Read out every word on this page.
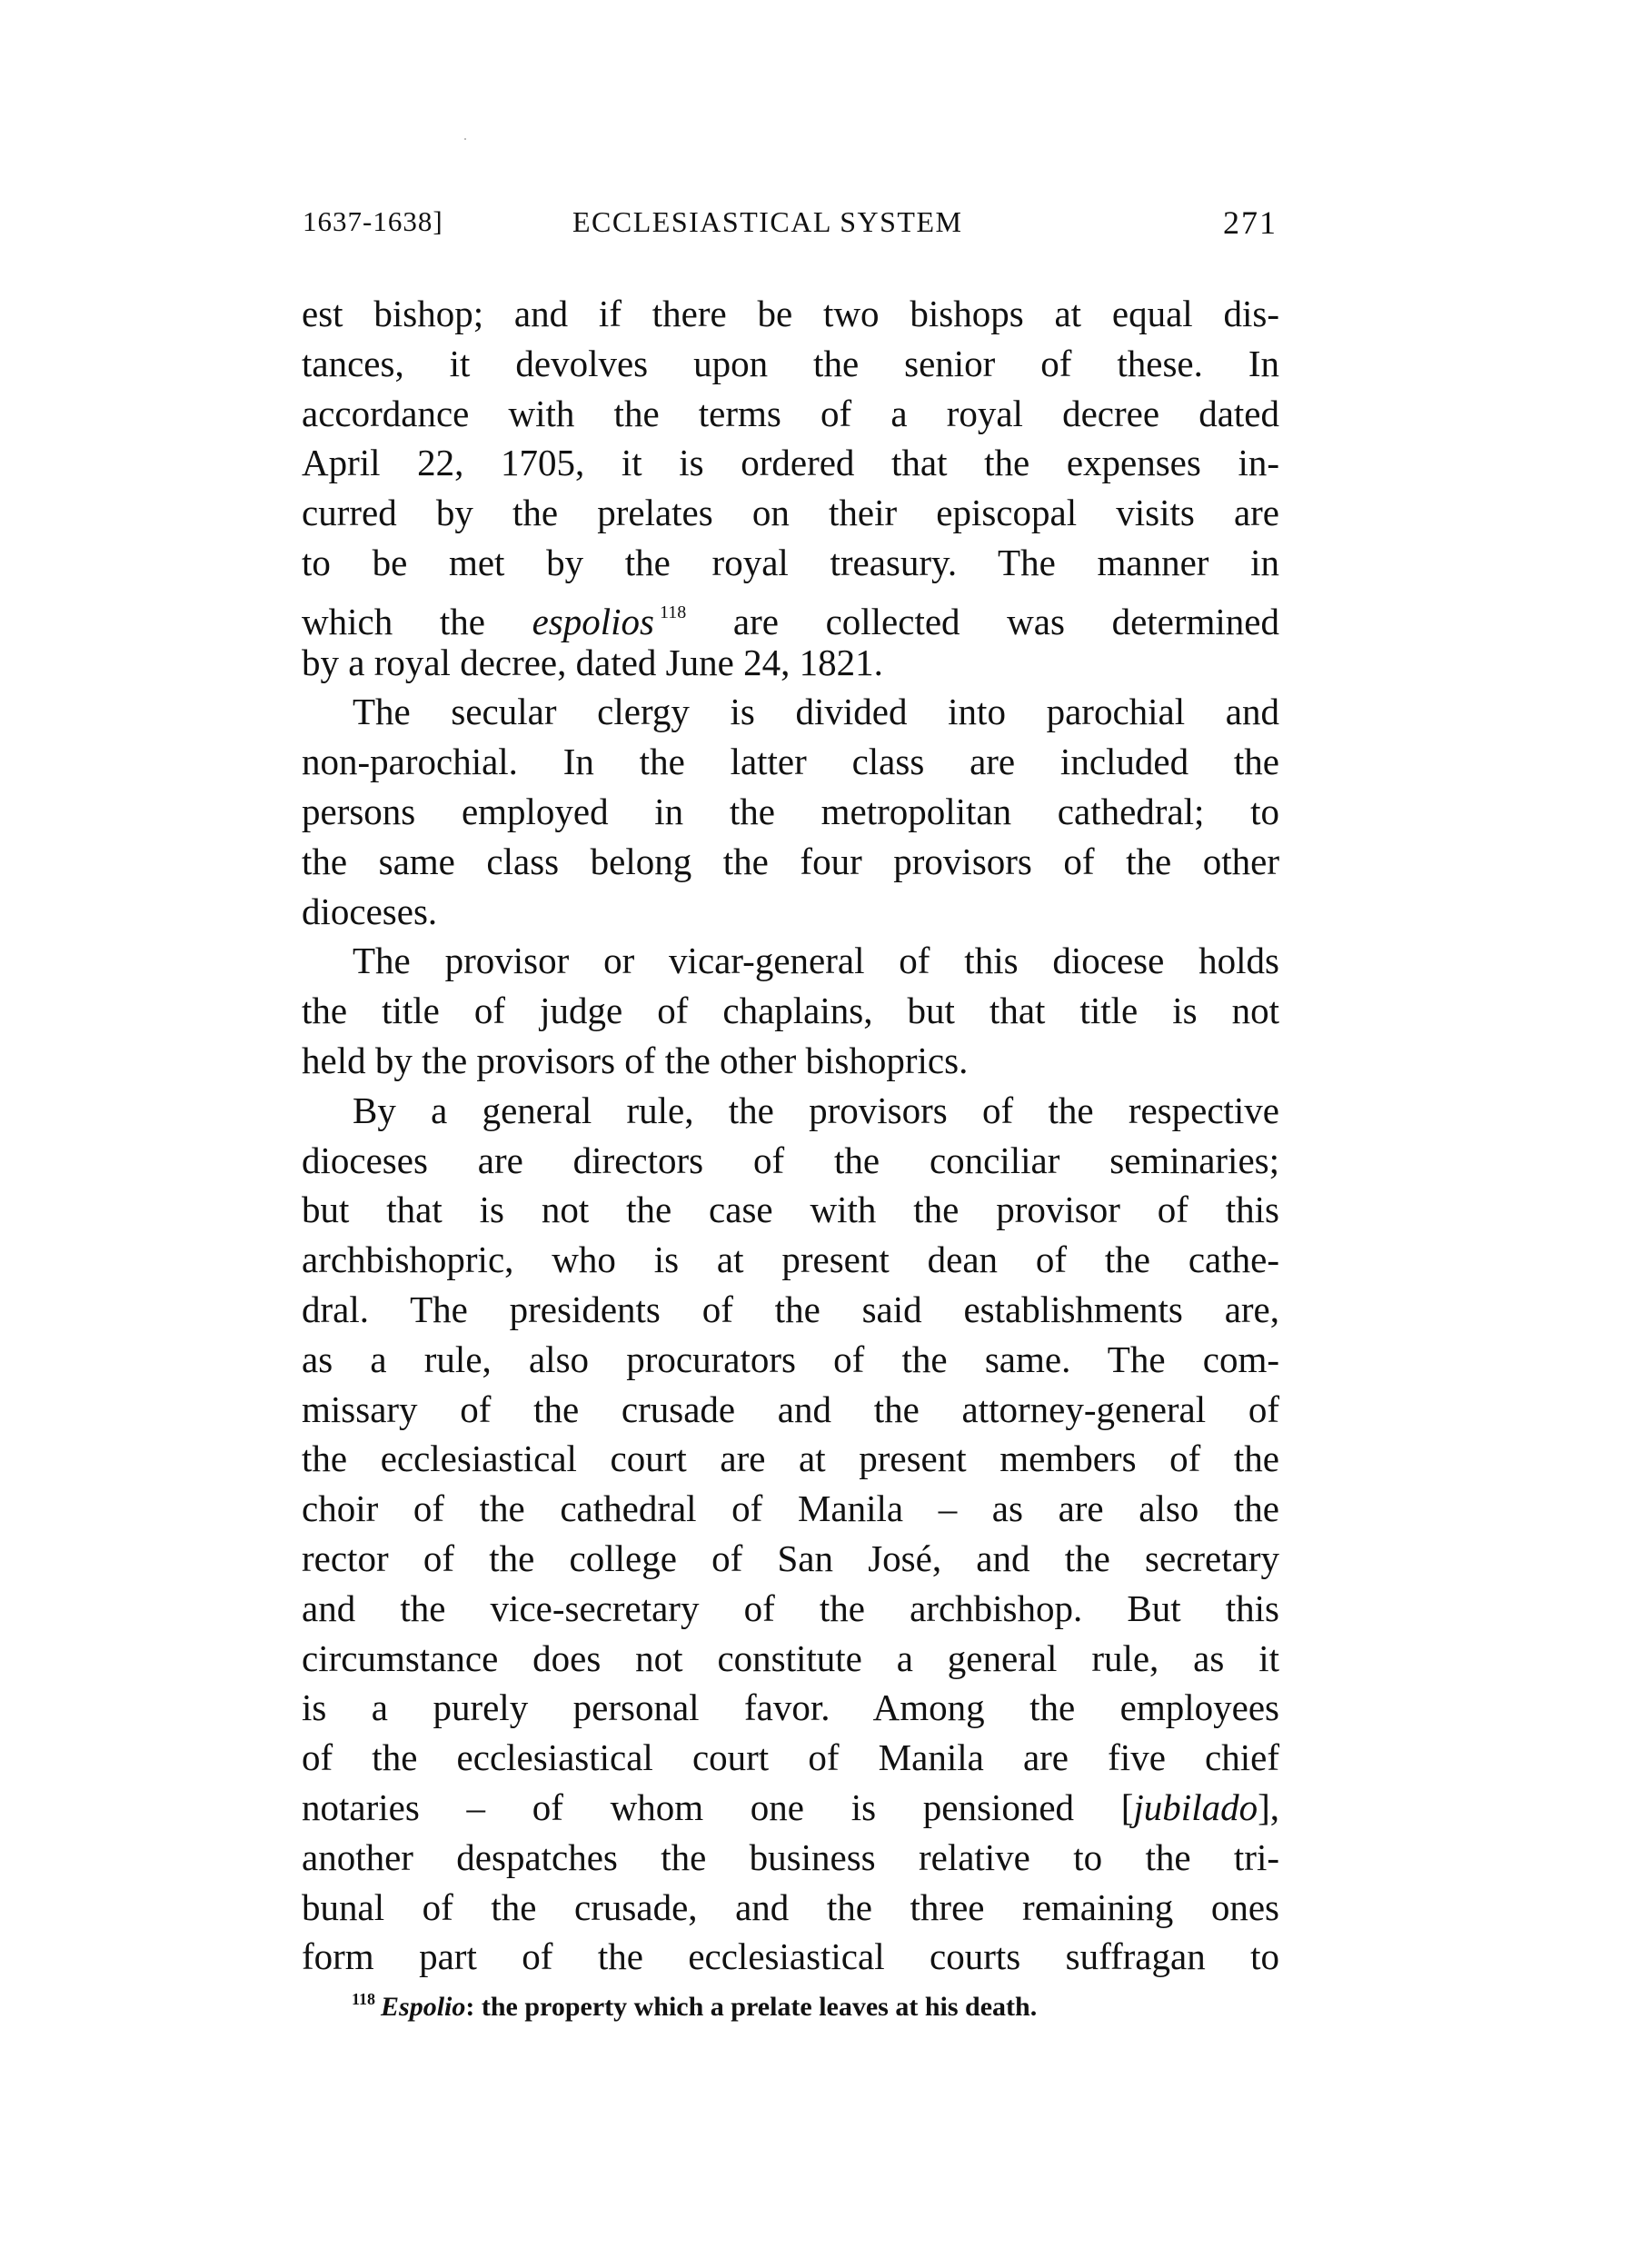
1637-1638]	ECCLESIASTICAL SYSTEM	271
est bishop; and if there be two bishops at equal dis-
tances, it devolves upon the senior of these. In
accordance with the terms of a royal decree dated
April 22, 1705, it is ordered that the expenses in-
curred by the prelates on their episcopal visits are
to be met by the royal treasury. The manner in
which the espolios $^{118}$ are collected was determined
by a royal decree, dated June 24, 1821.
The secular clergy is divided into parochial and
non-parochial. In the latter class are included the
persons employed in the metropolitan cathedral; to
the same class belong the four provisors of the other
dioceses.
The provisor or vicar-general of this diocese holds
the title of judge of chaplains, but that title is not
held by the provisors of the other bishoprics.
By a general rule, the provisors of the respective
dioceses are directors of the conciliar seminaries;
but that is not the case with the provisor of this
archbishopric, who is at present dean of the cathe-
dral. The presidents of the said establishments are,
as a rule, also procurators of the same. The com-
missary of the crusade and the attorney-general of
the ecclesiastical court are at present members of the
choir of the cathedral of Manila – as are also the
rector of the college of San José, and the secretary
and the vice-secretary of the archbishop. But this
circumstance does not constitute a general rule, as it
is a purely personal favor. Among the employees
of the ecclesiastical court of Manila are five chief
notaries – of whom one is pensioned [jubilado],
another despatches the business relative to the tri-
bunal of the crusade, and the three remaining ones
form part of the ecclesiastical courts suffragan to
$^{118}$ Espolio: the property which a prelate leaves at his death.
